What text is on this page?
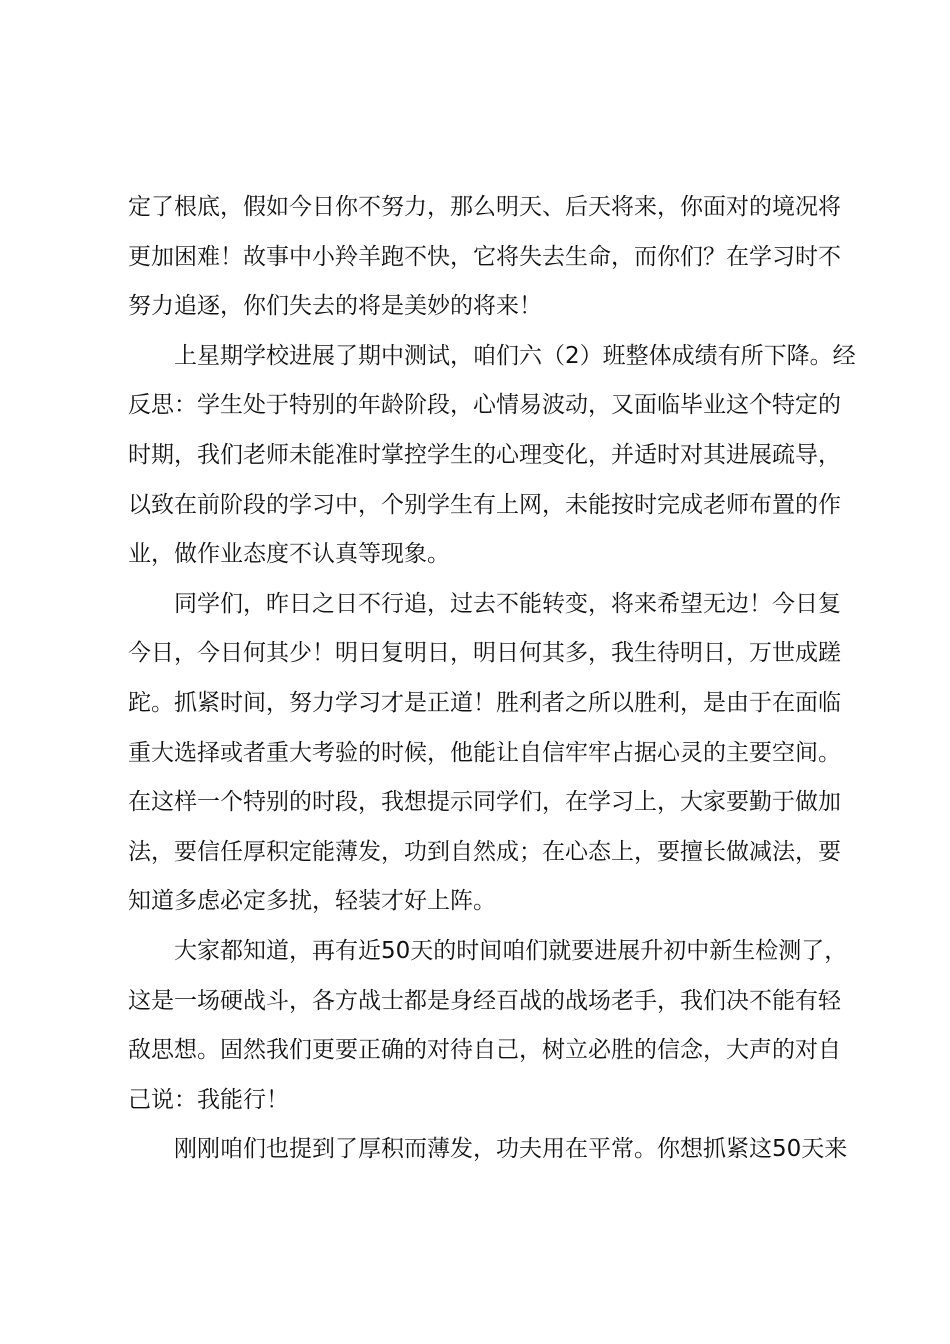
定了根底，假如今日你不努力，那么明天、后天将来，你面对的境况将
更加困难！故事中小羚羊跑不快，它将失去生命，而你们？在学习时不
努力追逐，你们失去的将是美妙的将来！
上星期学校进展了期中测试，咱们六（2）班整体成绩有所下降。经
反思：学生处于特别的年龄阶段，心情易波动，又面临毕业这个特定的
时期，我们老师未能准时掌控学生的心理变化，并适时对其进展疏导，
以致在前阶段的学习中，个别学生有上网，未能按时完成老师布置的作
业，做作业态度不认真等现象。
同学们，昨日之日不行追，过去不能转变，将来希望无边！今日复
今日，今日何其少！明日复明日，明日何其多，我生待明日，万世成蹉
跎。抓紧时间，努力学习才是正道！胜利者之所以胜利，是由于在面临
重大选择或者重大考验的时候，他能让自信牢牢占据心灵的主要空间。
在这样一个特别的时段，我想提示同学们，在学习上，大家要勤于做加
法，要信任厚积定能薄发，功到自然成；在心态上，要擅长做减法，要
知道多虑必定多扰，轻装才好上阵。
大家都知道，再有近50天的时间咱们就要进展升初中新生检测了，
这是一场硬战斗，各方战士都是身经百战的战场老手，我们决不能有轻
敌思想。固然我们更要正确的对待自己，树立必胜的信念，大声的对自
己说：我能行！
刚刚咱们也提到了厚积而薄发，功夫用在平常。你想抓紧这50天来
